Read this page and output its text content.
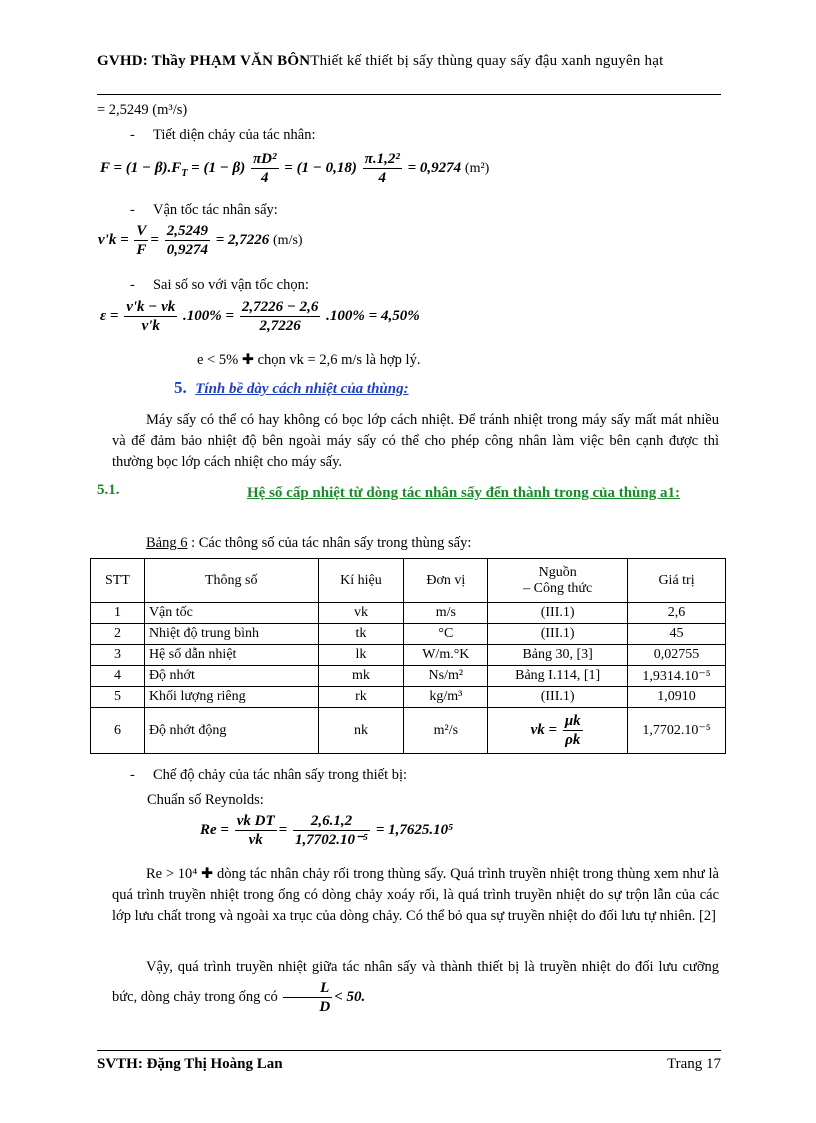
GVHD: Thầy PHẠM VĂN BÔNThiết kế thiết bị sấy thùng quay sấy đậu xanh nguyên hạt
= 2,5249 (m³/s)
-     Tiết diện chảy của tác nhân:
$F = (1 - \beta).F_T = (1 - \beta) \frac{\text{πD²}}{4} = (1 - 0,18) \frac{\text{π.1,2²}}{4} = 0,9274$ (m²)
-     Vận tốc tác nhân sấy:
$v'k = \frac{V}{F} = \frac{2,5249}{0,9274} = 2,7226$ (m/s)
-     Sai số so với vận tốc chọn:
$\varepsilon = \frac{v'k - vk}{v'k} .100\% = \frac{2,7226 - 2,6}{2,7226} .100\% = 4,50\%$
e < 5% ✚ chọn vk = 2,6 m/s là hợp lý.
5. Tính bề dày cách nhiệt của thùng:
Máy sấy có thể có hay không có bọc lớp cách nhiệt. Để tránh nhiệt trong máy sấy mất mát nhiều và để đảm bảo nhiệt độ bên ngoài máy sấy có thể cho phép công nhân làm việc bên cạnh được thì thường bọc lớp cách nhiệt cho máy sấy.
5.1.	Hệ số cấp nhiệt từ dòng tác nhân sấy đến thành trong của thùng a1:
Bảng 6 : Các thông số của tác nhân sấy trong thùng sấy:
STT	Thông số	Kí hiệu	Đơn vị	Nguồn
– Công thức	Giá trị
1	Vận tốc	vk	m/s	(III.1)	2,6
2	Nhiệt độ trung bình	tk	°C	(III.1)	45
3	Hệ số dẫn nhiệt	lk	W/m.°K	Bảng 30, [3]	0,02755
4	Độ nhớt	mk	Ns/m²	Bảng I.114, [1]	1,9314.10⁻⁵
5	Khối lượng riêng	rk	kg/m³	(III.1)	1,0910
6	Độ nhớt động	nk	m²/s	vk = $\frac{\mu k}{\rho k}$	1,7702.10⁻⁵
-     Chế độ chảy của tác nhân sấy trong thiết bị:
Chuẩn số Reynolds:
$Re = \frac{\text{vk DT}}{vk} = \frac{2,6.1,2}{\text{1,7702.10⁻⁵}} = 1,7625.10^5$
Re > 10⁴ ✚ dòng tác nhân chảy rối trong thùng sấy. Quá trình truyền nhiệt trong thùng xem như là quá trình truyền nhiệt trong ống có dòng chảy xoáy rối, là quá trình truyền nhiệt do sự trộn lẫn của các lớp lưu chất trong và ngoài xa trục của dòng chảy. Có thể bỏ qua sự truyền nhiệt do đối lưu tự nhiên. [2]
Vậy, quá trình truyền nhiệt giữa tác nhân sấy và thành thiết bị là truyền nhiệt do đối lưu cưỡng bức, dòng chảy trong ống có $\frac{L}{D} < 50$.
SVTH: Đặng Thị Hoàng Lan	Trang 17
